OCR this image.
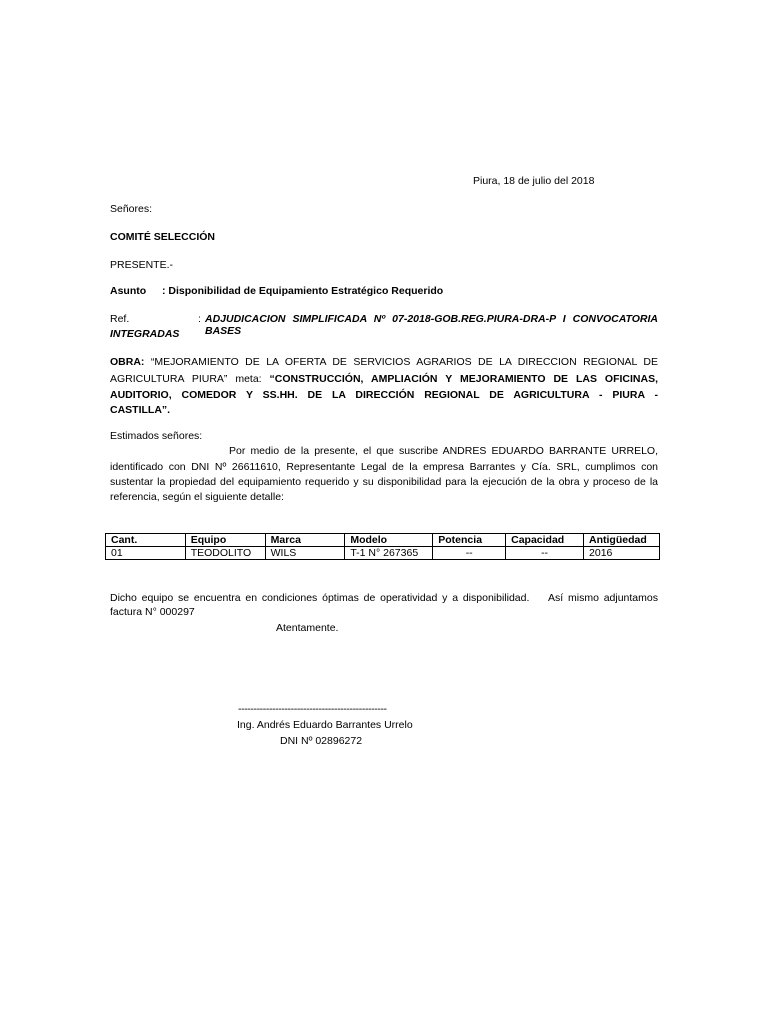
Piura, 18 de julio del 2018
Señores:
COMITÉ SELECCIÓN
PRESENTE.-
Asunto : Disponibilidad de Equipamiento Estratégico Requerido
Ref.	: ADJUDICACION SIMPLIFICADA Nº 07-2018-GOB.REG.PIURA-DRA-P I CONVOCATORIA BASES
INTEGRADAS
OBRA: “MEJORAMIENTO DE LA OFERTA DE SERVICIOS AGRARIOS DE LA DIRECCION REGIONAL DE
AGRICULTURA PIURA” meta: “CONSTRUCCIÓN, AMPLIACIÓN Y MEJORAMIENTO DE LAS OFICINAS,
AUDITORIO, COMEDOR Y SS.HH. DE LA DIRECCIÓN REGIONAL DE AGRICULTURA - PIURA -
CASTILLA”.
Estimados señores:
Por medio de la presente, el que suscribe ANDRES EDUARDO BARRANTE URRELO,
identificado con DNI Nº 26611610, Representante Legal de la empresa Barrantes y Cía. SRL, cumplimos con
sustentar la propiedad del equipamiento requerido y su disponibilidad para la ejecución de la obra y proceso de la
referencia, según el siguiente detalle:
Cant.	Equipo	Marca	Modelo	Potencia	Capacidad	Antigüedad
01	TEODOLITO	WILS	T-1 N° 267365	--	--	2016
Dicho equipo se encuentra en condiciones óptimas de operatividad y a disponibilidad.    Así mismo adjuntamos
factura N° 000297
Atentamente.
------------------------------------------------
Ing. Andrés Eduardo Barrantes Urrelo
DNI Nº 02896272
